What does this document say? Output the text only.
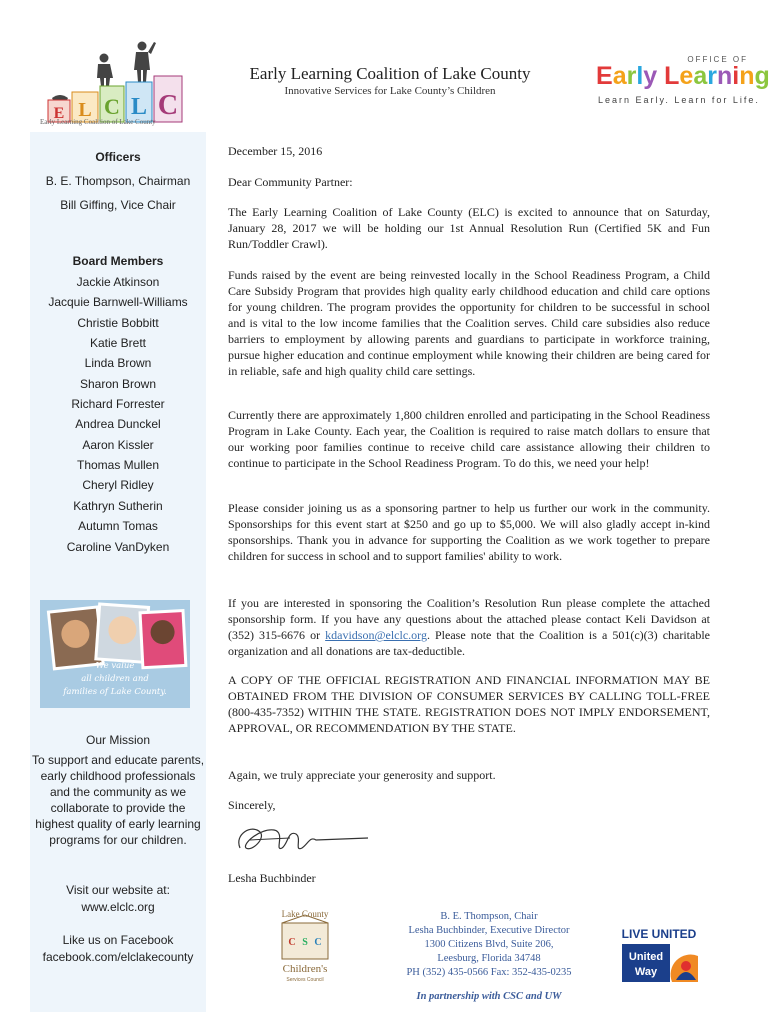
E L C L C
Early Learning Coalition of Lake County
Early Learning Coalition of Lake County
Innovative Services for Lake County’s Children
OFFICE OF
Early Learning
Learn Early. Learn for Life.
Officers
B. E. Thompson, Chairman
Bill Giffing, Vice Chair
Board Members
Jackie Atkinson
Jacquie Barnwell-Williams
Christie Bobbitt
Katie Brett
Linda Brown
Sharon Brown
Richard Forrester
Andrea Dunckel
Aaron Kissler
Thomas Mullen
Cheryl Ridley
Kathryn Sutherin
Autumn Tomas
Caroline VanDyken
We value
all children and
families of Lake County.
Our Mission
To support and educate parents,
early childhood professionals
and the community as we
collaborate to provide the
highest quality of early learning
programs for our children.
Visit our website at:
www.elclc.org
Like us on Facebook
facebook.com/elclakecounty
December 15, 2016
Dear Community Partner:
The Early Learning Coalition of Lake County (ELC) is excited to announce that on Saturday, January 28, 2017 we will be holding our 1st Annual Resolution Run (Certified 5K and Fun Run/Toddler Crawl).
Funds raised by the event are being reinvested locally in the School Readiness Program, a Child Care Subsidy Program that provides high quality early childhood education and child care options for young children. The program provides the opportunity for children to be successful in school and is vital to the low income families that the Coalition serves. Child care subsidies also reduce barriers to employment by allowing parents and guardians to participate in workforce training, pursue higher education and continue employment while knowing their children are being cared for in reliable, safe and high quality child care settings.
Currently there are approximately 1,800 children enrolled and participating in the School Readiness Program in Lake County. Each year, the Coalition is required to raise match dollars to ensure that our working poor families continue to receive child care assistance allowing their children to continue to participate in the School Readiness Program. To do this, we need your help!
Please consider joining us as a sponsoring partner to help us further our work in the community. Sponsorships for this event start at $250 and go up to $5,000. We will also gladly accept in-kind sponsorships. Thank you in advance for supporting the Coalition as we work together to prepare children for success in school and to support families' ability to work.
If you are interested in sponsoring the Coalition’s Resolution Run please complete the attached sponsorship form. If you have any questions about the attached please contact Keli Davidson at (352) 315-6676 or kdavidson@elclc.org. Please note that the Coalition is a 501(c)(3) charitable organization and all donations are tax-deductible.
A COPY OF THE OFFICIAL REGISTRATION AND FINANCIAL INFORMATION MAY BE OBTAINED FROM THE DIVISION OF CONSUMER SERVICES BY CALLING TOLL-FREE (800-435-7352) WITHIN THE STATE. REGISTRATION DOES NOT IMPLY ENDORSEMENT, APPROVAL, OR RECOMMENDATION BY THE STATE.
Again, we truly appreciate your generosity and support.
Sincerely,
Lesha Buchbinder
Lake County
C S C
Children's
Services Council
B. E. Thompson, Chair
Lesha Buchbinder, Executive Director
1300 Citizens Blvd, Suite 206,
Leesburg, Florida 34748
PH (352) 435-0566 Fax: 352-435-0235
In partnership with CSC and UW
LIVE UNITED
United
Way
